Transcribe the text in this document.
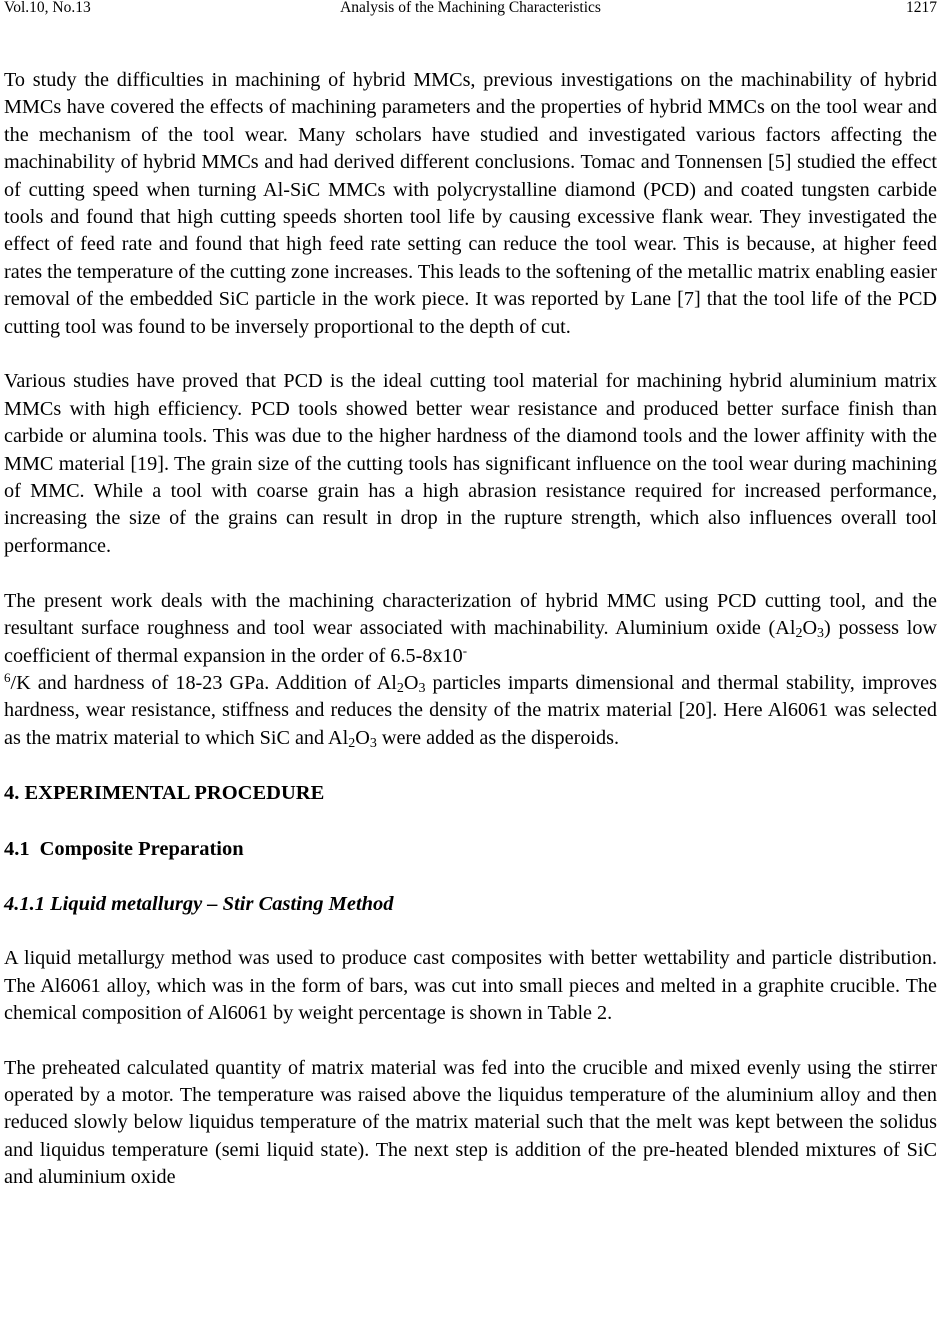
Vol.10, No.13	Analysis of the Machining Characteristics	1217

To study the difficulties in machining of hybrid MMCs, previous investigations on the machinability of hybrid MMCs have covered the effects of machining parameters and the properties of hybrid MMCs on the tool wear and the mechanism of the tool wear. Many scholars have studied and investigated various factors affecting the machinability of hybrid MMCs and had derived different conclusions. Tomac and Tonnensen [5] studied the effect of cutting speed when turning Al-SiC MMCs with polycrystalline diamond (PCD) and coated tungsten carbide tools and found that high cutting speeds shorten tool life by causing excessive flank wear. They investigated the effect of feed rate and found that high feed rate setting can reduce the tool wear. This is because, at higher feed rates the temperature of the cutting zone increases. This leads to the softening of the metallic matrix enabling easier removal of the embedded SiC particle in the work piece. It was reported by Lane [7] that the tool life of the PCD cutting tool was found to be inversely proportional to the depth of cut.

Various studies have proved that PCD is the ideal cutting tool material for machining hybrid aluminium matrix MMCs with high efficiency. PCD tools showed better wear resistance and produced better surface finish than carbide or alumina tools. This was due to the higher hardness of the diamond tools and the lower affinity with the MMC material [19]. The grain size of the cutting tools has significant influence on the tool wear during machining of MMC. While a tool with coarse grain has a high abrasion resistance required for increased performance, increasing the size of the grains can result in drop in the rupture strength, which also influences overall tool performance.

The present work deals with the machining characterization of hybrid MMC using PCD cutting tool, and the resultant surface roughness and tool wear associated with machinability. Aluminium oxide (Al2O3) possess low coefficient of thermal expansion in the order of 6.5-8x10-
$^6$/K and hardness of 18-23 GPa. Addition of Al2O3 particles imparts dimensional and thermal stability, improves hardness, wear resistance, stiffness and reduces the density of the matrix material [20]. Here Al6061 was selected as the matrix material to which SiC and Al2O3 were added as the disperoids.

4. EXPERIMENTAL PROCEDURE
4.1 Composite Preparation
4.1.1 Liquid metallurgy – Stir Casting Method

A liquid metallurgy method was used to produce cast composites with better wettability and particle distribution. The Al6061 alloy, which was in the form of bars, was cut into small pieces and melted in a graphite crucible. The chemical composition of Al6061 by weight percentage is shown in Table 2.

The preheated calculated quantity of matrix material was fed into the crucible and mixed evenly using the stirrer operated by a motor. The temperature was raised above the liquidus temperature of the aluminium alloy and then reduced slowly below liquidus temperature of the matrix material such that the melt was kept between the solidus and liquidus temperature (semi liquid state). The next step is addition of the pre-heated blended mixtures of SiC and aluminium oxide
